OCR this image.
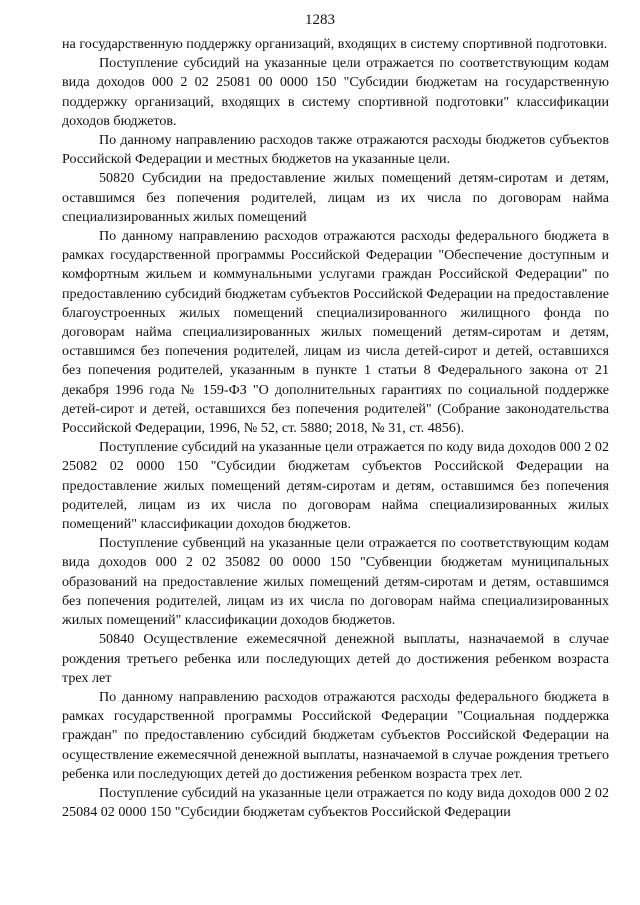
1283

на государственную поддержку организаций, входящих в систему спортивной подготовки.

Поступление субсидий на указанные цели отражается по соответствующим кодам вида доходов 000 2 02 25081 00 0000 150 "Субсидии бюджетам на государственную поддержку организаций, входящих в систему спортивной подготовки" классификации доходов бюджетов.

По данному направлению расходов также отражаются расходы бюджетов субъектов Российской Федерации и местных бюджетов на указанные цели.

50820 Субсидии на предоставление жилых помещений детям-сиротам и детям, оставшимся без попечения родителей, лицам из их числа по договорам найма специализированных жилых помещений

По данному направлению расходов отражаются расходы федерального бюджета в рамках государственной программы Российской Федерации "Обеспечение доступным и комфортным жильем и коммунальными услугами граждан Российской Федерации" по предоставлению субсидий бюджетам субъектов Российской Федерации на предоставление благоустроенных жилых помещений специализированного жилищного фонда по договорам найма специализированных жилых помещений детям-сиротам и детям, оставшимся без попечения родителей, лицам из числа детей-сирот и детей, оставшихся без попечения родителей, указанным в пункте 1 статьи 8 Федерального закона от 21 декабря 1996 года № 159-ФЗ "О дополнительных гарантиях по социальной поддержке детей-сирот и детей, оставшихся без попечения родителей" (Собрание законодательства Российской Федерации, 1996, № 52, ст. 5880; 2018, № 31, ст. 4856).

Поступление субсидий на указанные цели отражается по коду вида доходов 000 2 02 25082 02 0000 150 "Субсидии бюджетам субъектов Российской Федерации на предоставление жилых помещений детям-сиротам и детям, оставшимся без попечения родителей, лицам из их числа по договорам найма специализированных жилых помещений" классификации доходов бюджетов.

Поступление субвенций на указанные цели отражается по соответствующим кодам вида доходов 000 2 02 35082 00 0000 150 "Субвенции бюджетам муниципальных образований на предоставление жилых помещений детям-сиротам и детям, оставшимся без попечения родителей, лицам из их числа по договорам найма специализированных жилых помещений" классификации доходов бюджетов.

50840 Осуществление ежемесячной денежной выплаты, назначаемой в случае рождения третьего ребенка или последующих детей до достижения ребенком возраста трех лет

По данному направлению расходов отражаются расходы федерального бюджета в рамках государственной программы Российской Федерации "Социальная поддержка граждан" по предоставлению субсидий бюджетам субъектов Российской Федерации на осуществление ежемесячной денежной выплаты, назначаемой в случае рождения третьего ребенка или последующих детей до достижения ребенком возраста трех лет.

Поступление субсидий на указанные цели отражается по коду вида доходов 000 2 02 25084 02 0000 150 "Субсидии бюджетам субъектов Российской Федерации
